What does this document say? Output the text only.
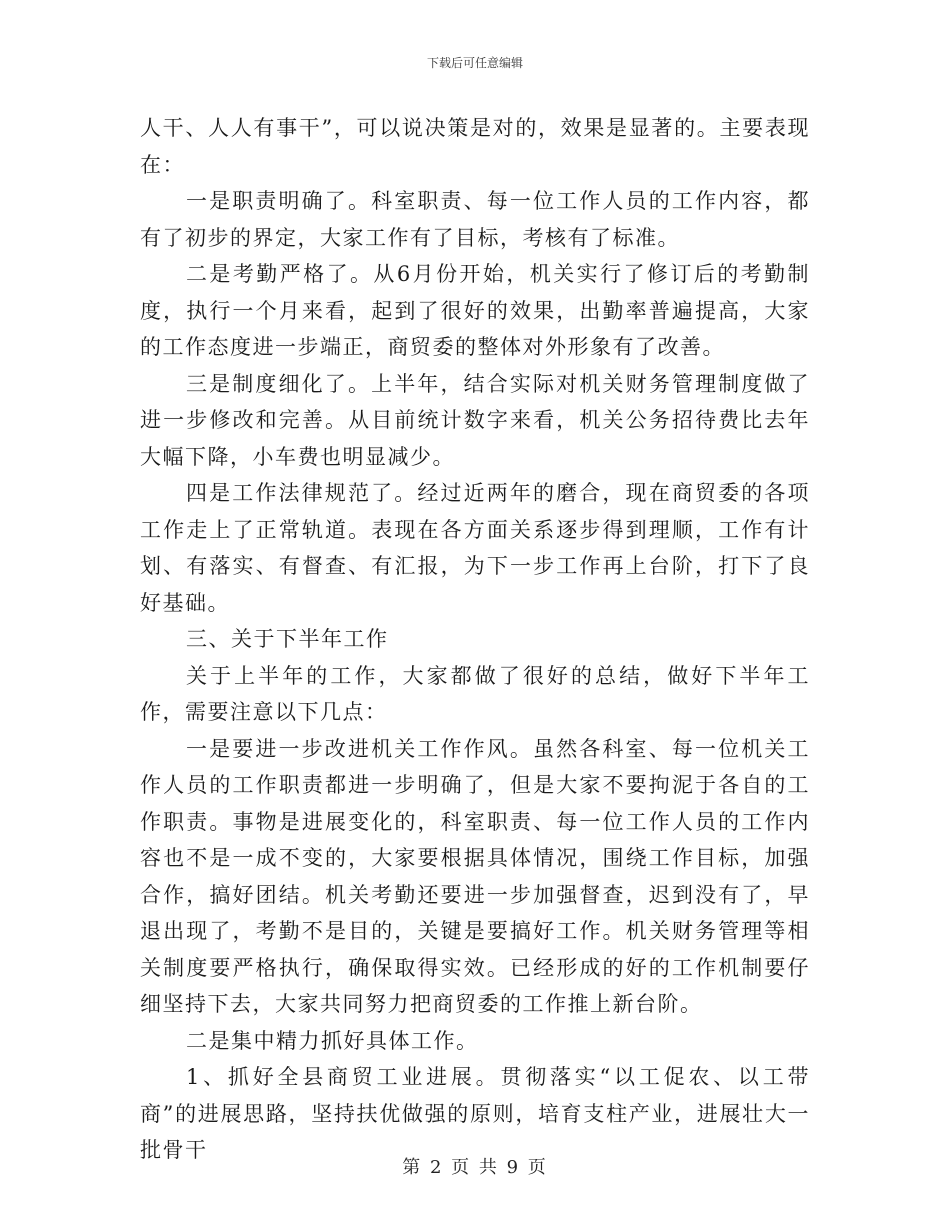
下载后可任意编辑

人干、人人有事干”，可以说决策是对的，效果是显著的。主要表现在：

一是职责明确了。科室职责、每一位工作人员的工作内容，都有了初步的界定，大家工作有了目标，考核有了标准。

二是考勤严格了。从6月份开始，机关实行了修订后的考勤制度，执行一个月来看，起到了很好的效果，出勤率普遍提高，大家的工作态度进一步端正，商贸委的整体对外形象有了改善。

三是制度细化了。上半年，结合实际对机关财务管理制度做了进一步修改和完善。从目前统计数字来看，机关公务招待费比去年大幅下降，小车费也明显减少。

四是工作法律规范了。经过近两年的磨合，现在商贸委的各项工作走上了正常轨道。表现在各方面关系逐步得到理顺，工作有计划、有落实、有督查、有汇报，为下一步工作再上台阶，打下了良好基础。

三、关于下半年工作

关于上半年的工作，大家都做了很好的总结，做好下半年工作，需要注意以下几点：

一是要进一步改进机关工作作风。虽然各科室、每一位机关工作人员的工作职责都进一步明确了，但是大家不要拘泥于各自的工作职责。事物是进展变化的，科室职责、每一位工作人员的工作内容也不是一成不变的，大家要根据具体情况，围绕工作目标，加强合作，搞好团结。机关考勤还要进一步加强督查，迟到没有了，早退出现了，考勤不是目的，关键是要搞好工作。机关财务管理等相关制度要严格执行，确保取得实效。已经形成的好的工作机制要仔细坚持下去，大家共同努力把商贸委的工作推上新台阶。

二是集中精力抓好具体工作。

1、抓好全县商贸工业进展。贯彻落实“以工促农、以工带商”的进展思路，坚持扶优做强的原则，培育支柱产业，进展壮大一批骨干

第 2 页 共 9 页
